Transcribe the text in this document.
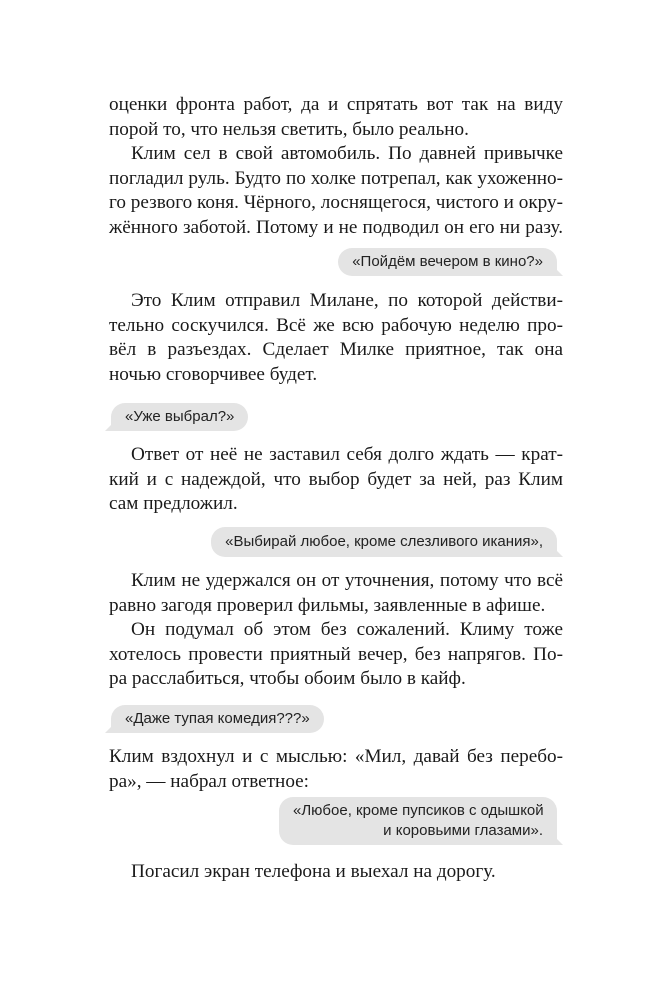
оценки фронта работ, да и спрятать вот так на виду
порой то, что нельзя светить, было реально.
Клим сел в свой автомобиль. По давней привычке
погладил руль. Будто по холке потрепал, как ухоженно-
го резвого коня. Чёрного, лоснящегося, чистого и окру-
жённого заботой. Потому и не подводил он его ни разу.
«Пойдём вечером в кино?»
Это Клим отправил Милане, по которой действи-
тельно соскучился. Всё же всю рабочую неделю про-
вёл в разъездах. Сделает Милке приятное, так она
ночью сговорчивее будет.
«Уже выбрал?»
Ответ от неё не заставил себя долго ждать — крат-
кий и с надеждой, что выбор будет за ней, раз Клим
сам предложил.
«Выбирай любое, кроме слезливого икания»,
Клим не удержался он от уточнения, потому что всё
равно загодя проверил фильмы, заявленные в афише.
Он подумал об этом без сожалений. Климу тоже
хотелось провести приятный вечер, без напрягов. По-
ра расслабиться, чтобы обоим было в кайф.
«Даже тупая комедия???»
Клим вздохнул и с мыслью: «Мил, давай без перебо-
ра», — набрал ответное:
«Любое, кроме пупсиков с одышкой
и коровьими глазами».
Погасил экран телефона и выехал на дорогу.
